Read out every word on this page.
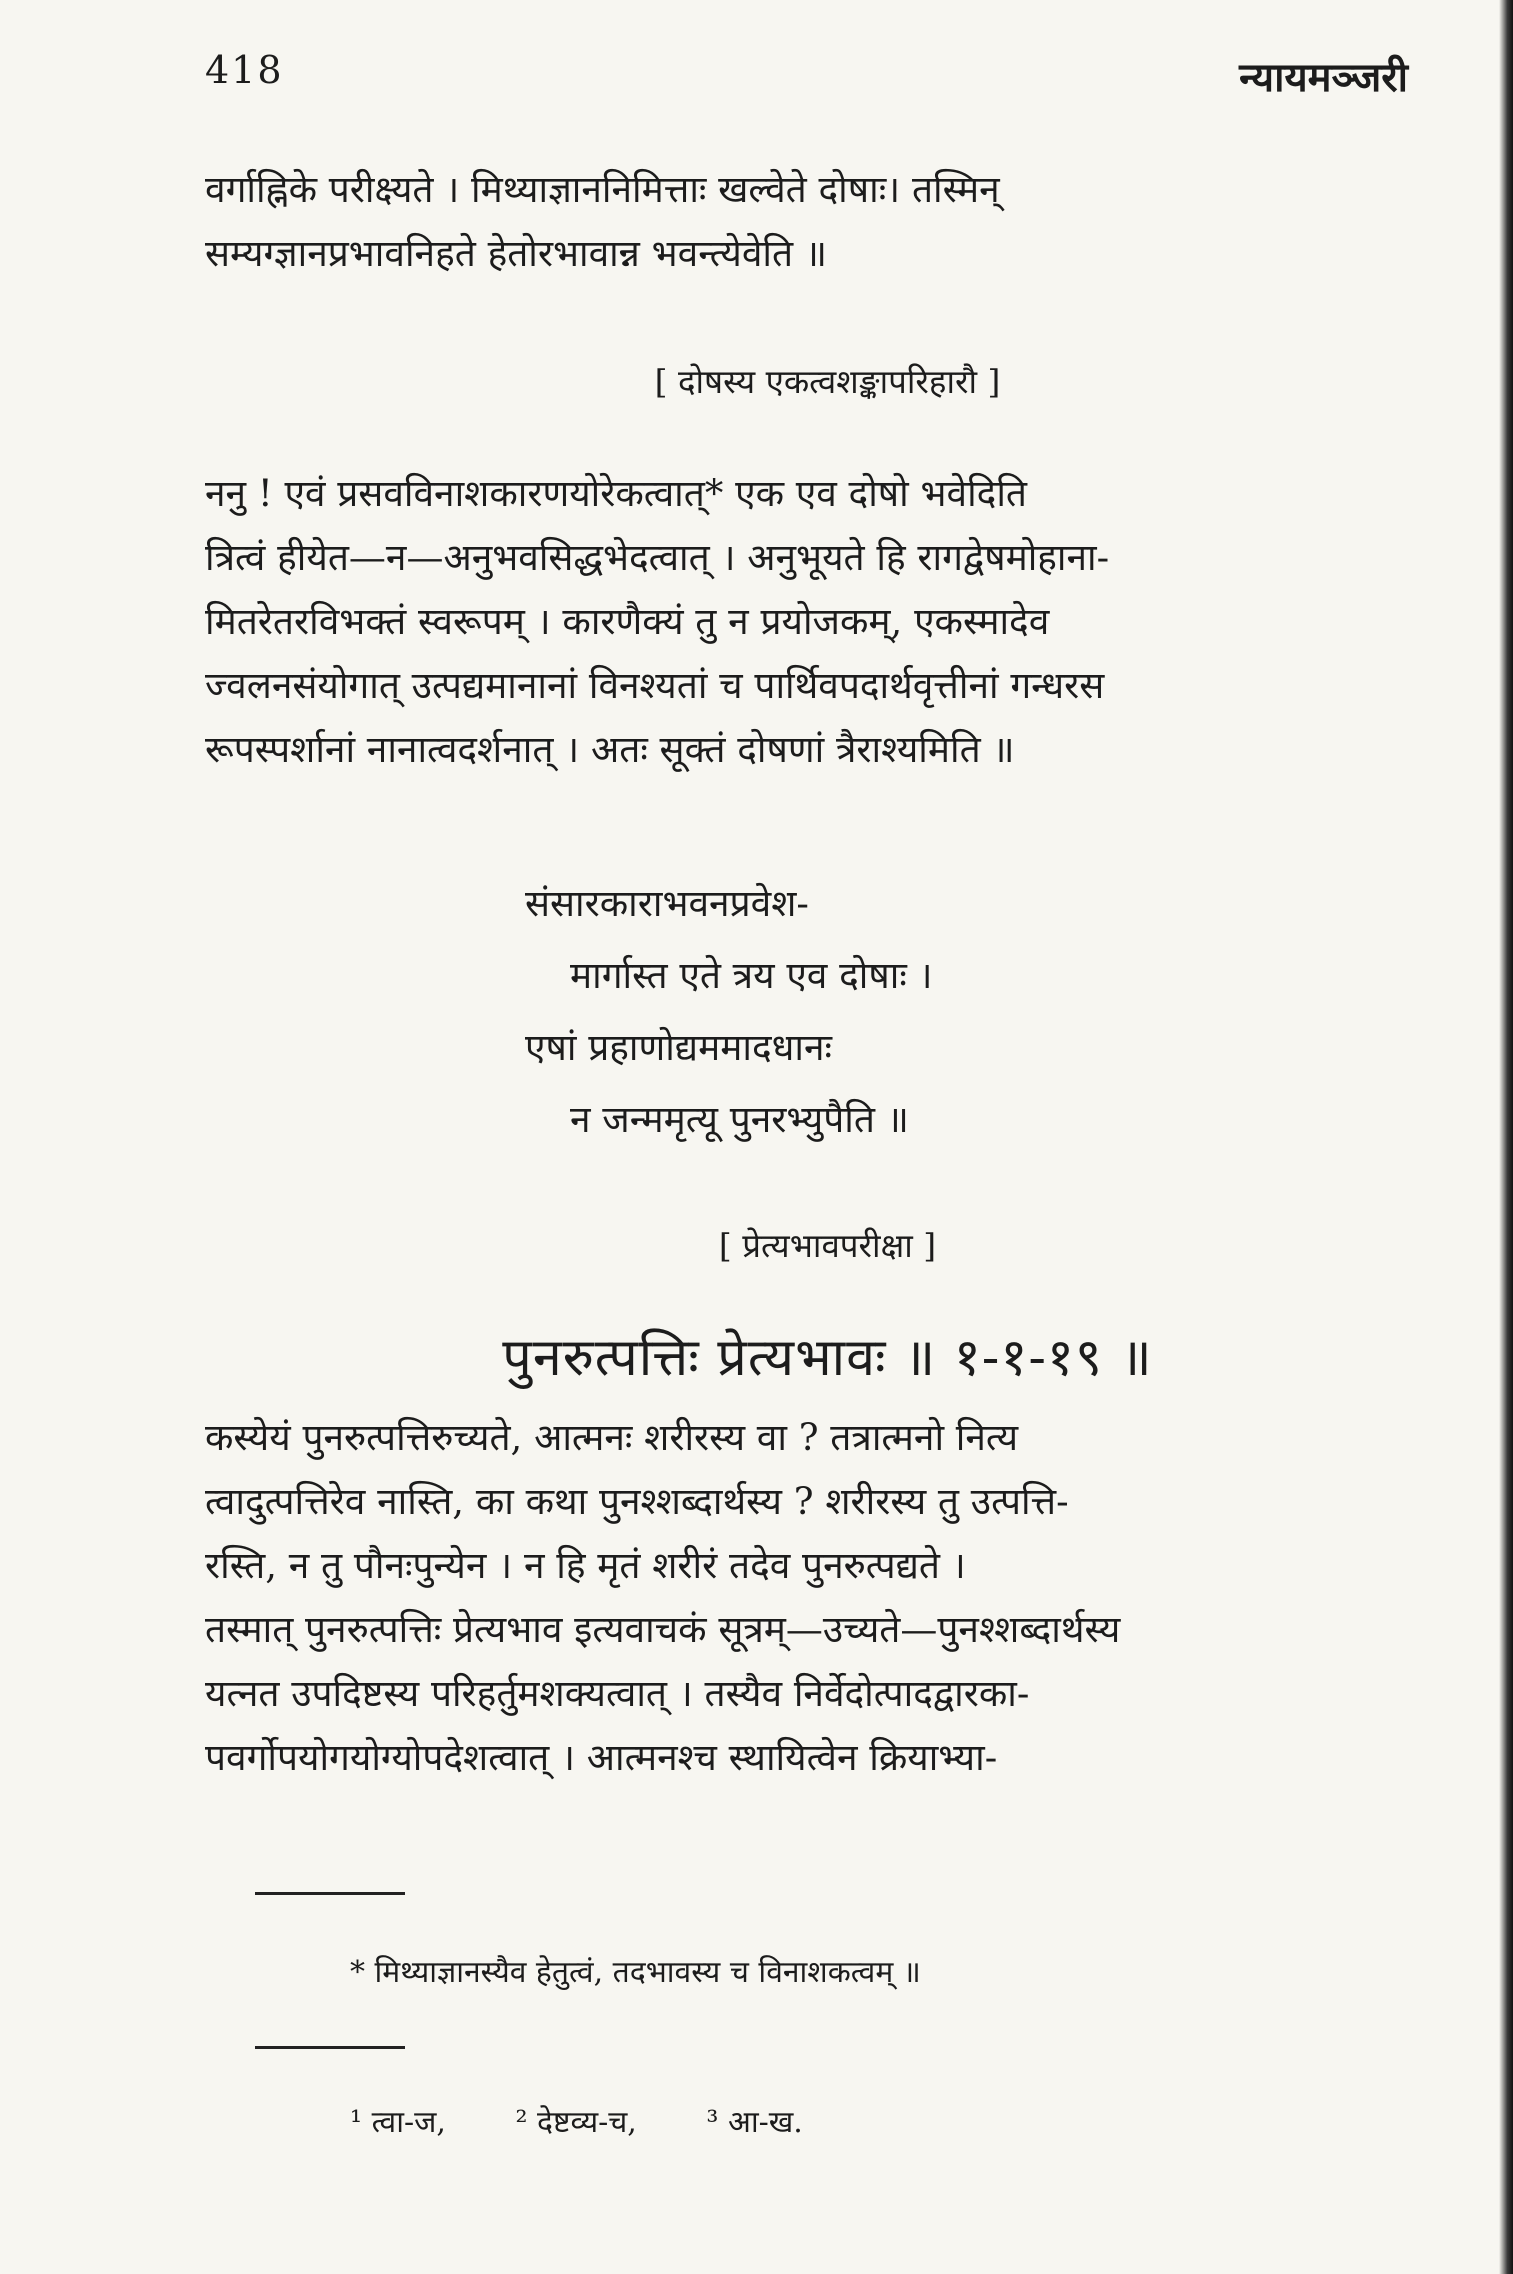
418	न्यायमञ्जरी
वर्गाह्निके परीक्ष्यते । मिथ्याज्ञाननिमित्ताः खल्वेते दोषाः। तस्मिन्
सम्यग्ज्ञानप्रभावनिहते हेतोरभावान्न भवन्त्येवेति ॥
[ दोषस्य एकत्वशङ्कापरिहारौ ]
ननु ! एवं प्रसवविनाशकारणयोरेकत्वात्* एक एव दोषो भवेदिति
त्रित्वं हीयेत—न—अनुभवसिद्धभेदत्वात् । अनुभूयते हि रागद्वेषमोहाना-
मितरेतरविभक्तं स्वरूपम् । कारणैक्यं तु न प्रयोजकम्, एकस्मादेव
ज्वलनसंयोगात् उत्पद्यमानानां विनश्यतां च पार्थिवपदार्थवृत्तीनां गन्धरस
रूपस्पर्शानां नानात्वदर्शनात् । अतः सूक्तं दोषणां त्रैराश्यमिति ॥
संसारकाराभवनप्रवेश-
मार्गास्त एते त्रय एव दोषाः ।
एषां प्रहाणोद्यममादधानः
न जन्ममृत्यू पुनरभ्युपैति ॥
[ प्रेत्यभावपरीक्षा ]
पुनरुत्पत्तिः प्रेत्यभावः ॥ १-१-१९ ॥
कस्येयं पुनरुत्पत्तिरुच्यते, आत्मनः शरीरस्य वा ? तत्रात्मनो नित्य
त्वादुत्पत्तिरेव नास्ति, का कथा पुनश्शब्दार्थस्य ? शरीरस्य तु उत्पत्ति-
रस्ति, न तु पौनःपुन्येन । न हि मृतं शरीरं तदेव पुनरुत्पद्यते ।
तस्मात् पुनरुत्पत्तिः प्रेत्यभाव इत्यवाचकं सूत्रम्—उच्यते—पुनश्शब्दार्थस्य
यत्नत उपदिष्टस्य परिहर्तुमशक्यत्वात् । तस्यैव निर्वेदोत्पादद्वारका-
पवर्गोपयोगयोग्योपदेशत्वात् । आत्मनश्च स्थायित्वेन क्रियाभ्या-
* मिथ्याज्ञानस्यैव हेतुत्वं, तदभावस्य च विनाशकत्वम् ॥
¹ त्वा-ज, ² देष्टव्य-च, ³ आ-ख.
